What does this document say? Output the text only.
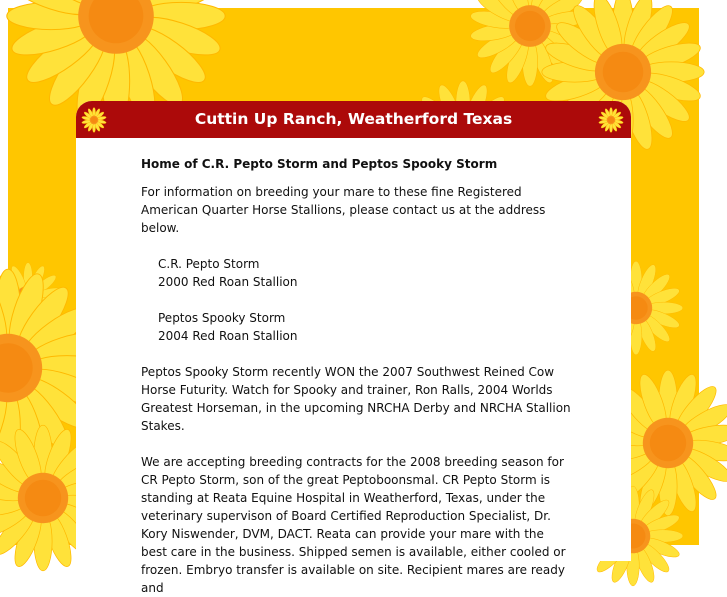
Cuttin Up Ranch, Weatherford Texas

Home of C.R. Pepto Storm and Peptos Spooky Storm

For information on breeding your mare to these fine Registered American Quarter Horse Stallions, please contact us at the address below.

C.R. Pepto Storm

2000 Red Roan Stallion

Peptos Spooky Storm

2004 Red Roan Stallion

Peptos Spooky Storm recently WON the 2007 Southwest Reined Cow Horse Futurity. Watch for Spooky and trainer, Ron Ralls, 2004 Worlds Greatest Horseman, in the upcoming NRCHA Derby and NRCHA Stallion Stakes.

We are accepting breeding contracts for the 2008 breeding season for CR Pepto Storm, son of the great Peptoboonsmal. CR Pepto Storm is standing at Reata Equine Hospital in Weatherford, Texas, under the veterinary supervison of Board Certified Reproduction Specialist, Dr. Kory Niswender, DVM, DACT. Reata can provide your mare with the best care in the business. Shipped semen is available, either cooled or frozen. Embryo transfer is available on site. Recipient mares are ready and
